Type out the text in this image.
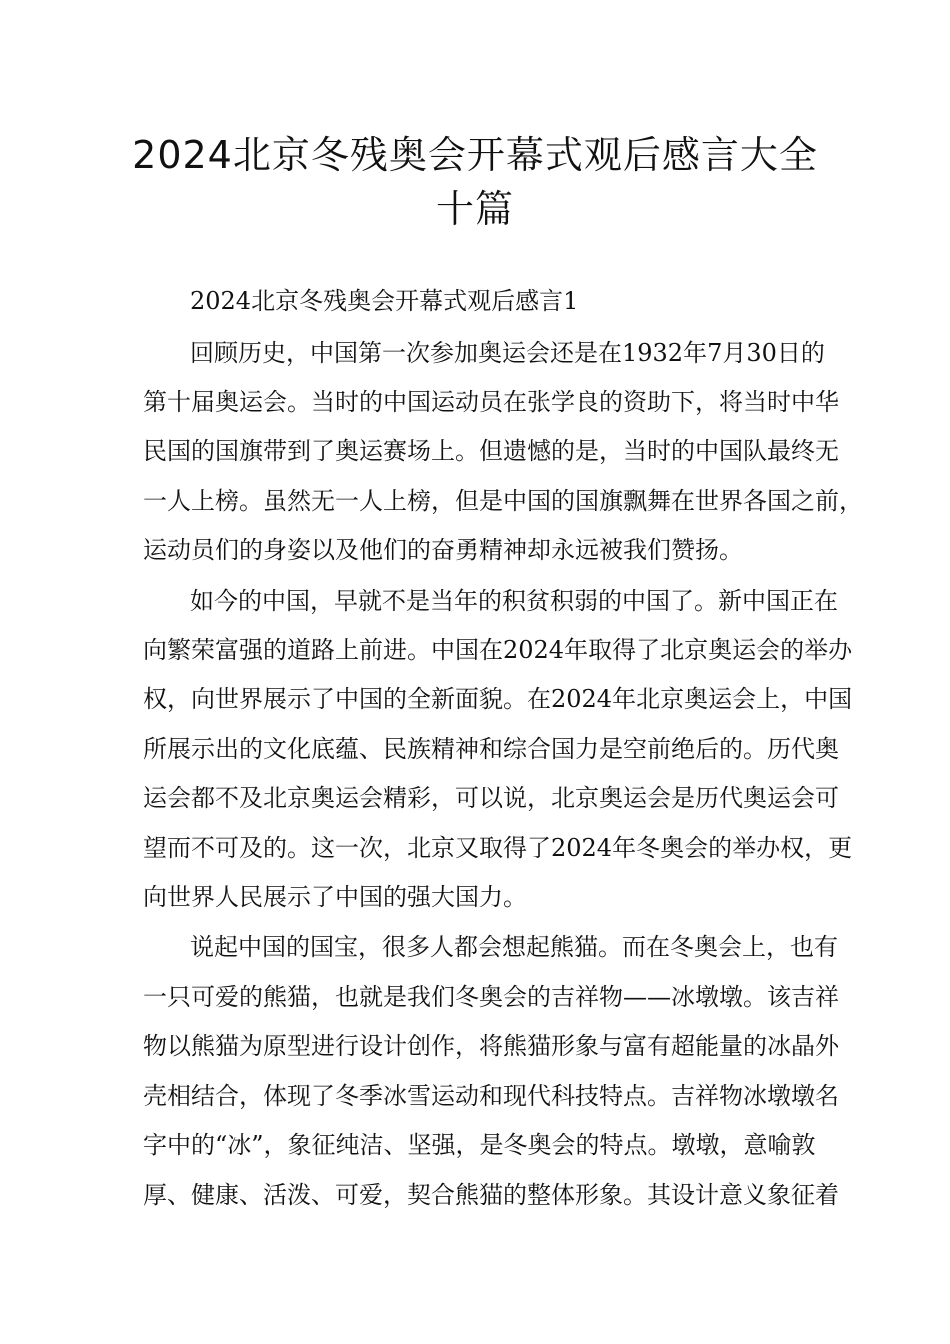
2024北京冬残奥会开幕式观后感言大全
十篇
2024北京冬残奥会开幕式观后感言1
回顾历史，中国第一次参加奥运会还是在1932年7月30日的
第十届奥运会。当时的中国运动员在张学良的资助下，将当时中华
民国的国旗带到了奥运赛场上。但遗憾的是，当时的中国队最终无
一人上榜。虽然无一人上榜，但是中国的国旗飘舞在世界各国之前，
运动员们的身姿以及他们的奋勇精神却永远被我们赞扬。
如今的中国，早就不是当年的积贫积弱的中国了。新中国正在
向繁荣富强的道路上前进。中国在2024年取得了北京奥运会的举办
权，向世界展示了中国的全新面貌。在2024年北京奥运会上，中国
所展示出的文化底蕴、民族精神和综合国力是空前绝后的。历代奥
运会都不及北京奥运会精彩，可以说，北京奥运会是历代奥运会可
望而不可及的。这一次，北京又取得了2024年冬奥会的举办权，更
向世界人民展示了中国的强大国力。
说起中国的国宝，很多人都会想起熊猫。而在冬奥会上，也有
一只可爱的熊猫，也就是我们冬奥会的吉祥物——冰墩墩。该吉祥
物以熊猫为原型进行设计创作，将熊猫形象与富有超能量的冰晶外
壳相结合，体现了冬季冰雪运动和现代科技特点。吉祥物冰墩墩名
字中的“冰”，象征纯洁、坚强，是冬奥会的特点。墩墩，意喻敦
厚、健康、活泼、可爱，契合熊猫的整体形象。其设计意义象征着
